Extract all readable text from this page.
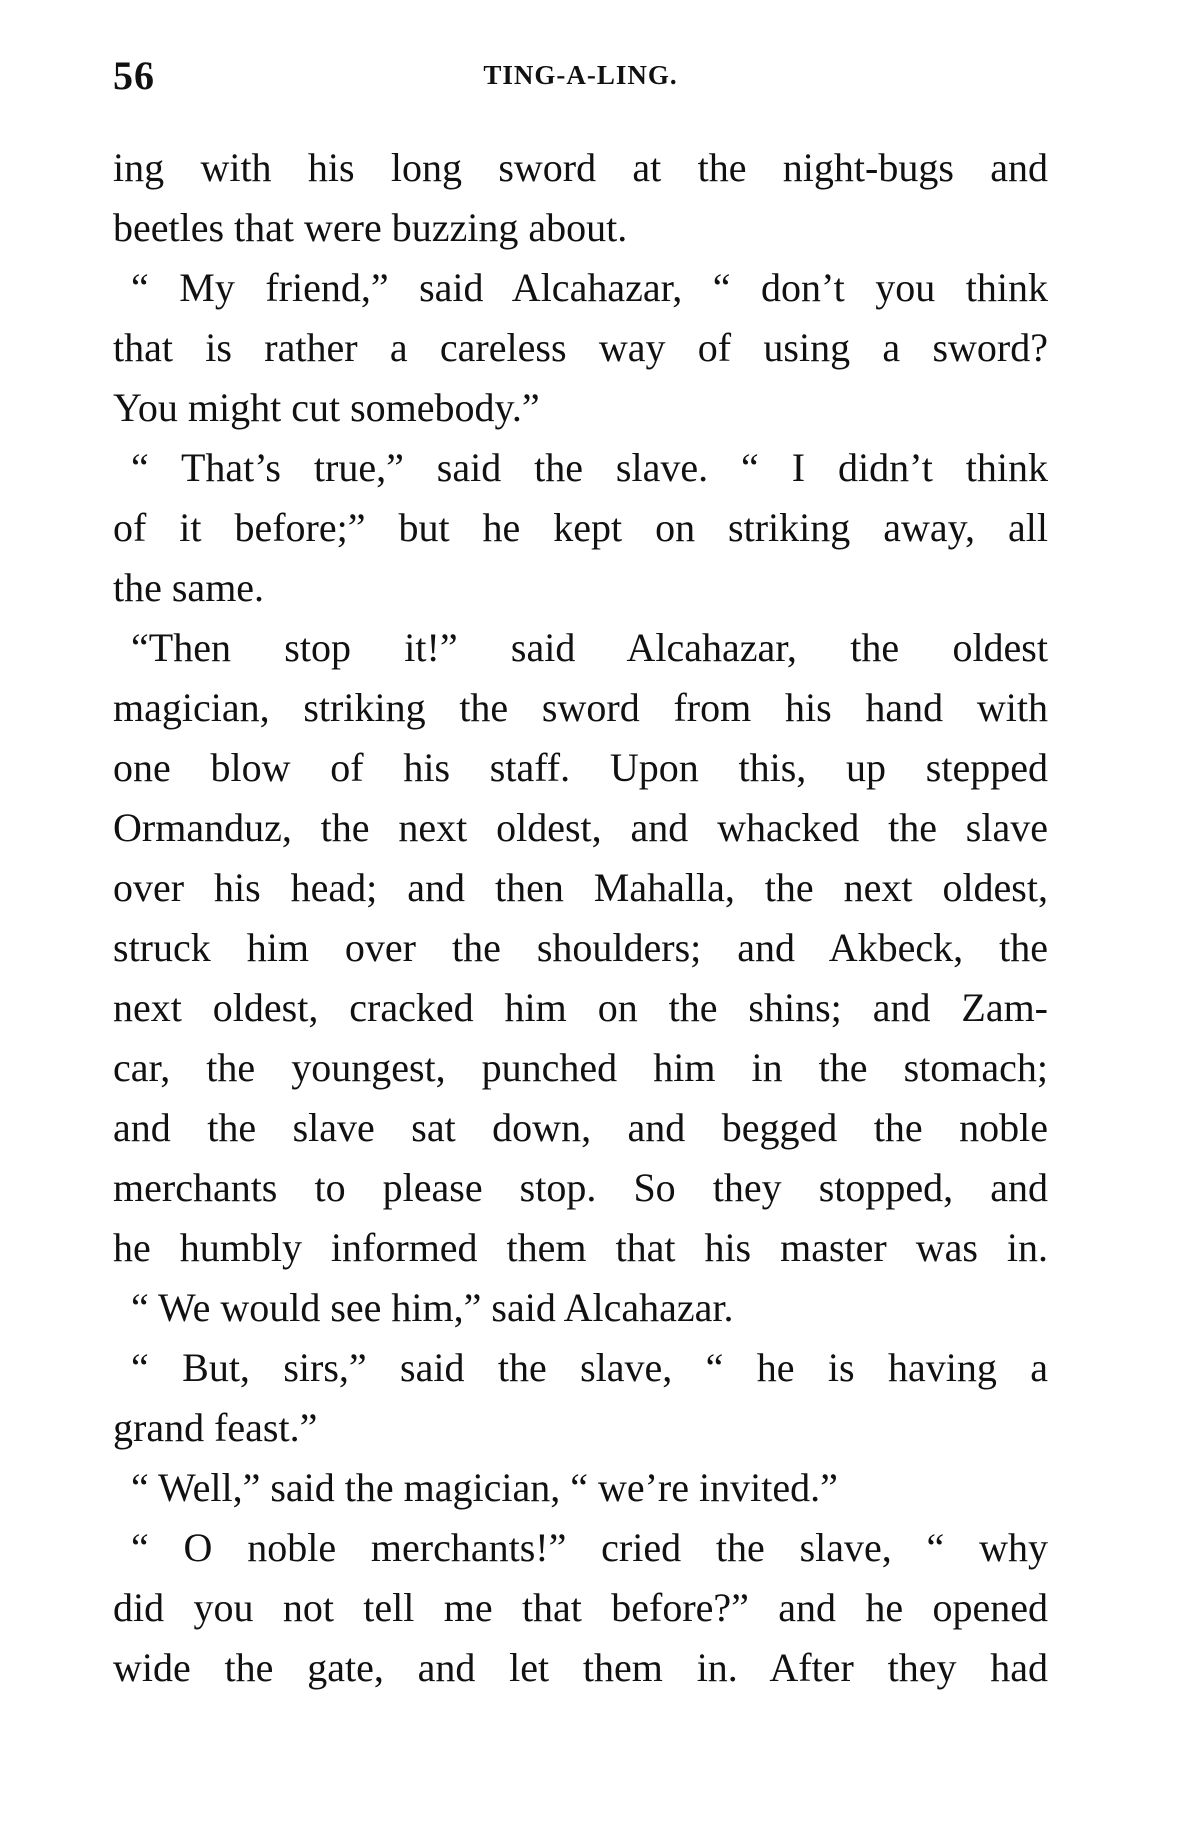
56	TING-A-LING.
ing with his long sword at the night-bugs and
beetles that were buzzing about.
“ My friend,” said Alcahazar, “ don’t you think
that is rather a careless way of using a sword?
You might cut somebody.”
“ That’s true,” said the slave. “ I didn’t think
of it before;” but he kept on striking away, all
the same.
“Then stop it!” said Alcahazar, the oldest
magician, striking the sword from his hand with
one blow of his staff. Upon this, up stepped
Ormanduz, the next oldest, and whacked the slave
over his head; and then Mahalla, the next oldest,
struck him over the shoulders; and Akbeck, the
next oldest, cracked him on the shins; and Zam-
car, the youngest, punched him in the stomach;
and the slave sat down, and begged the noble
merchants to please stop. So they stopped, and
he humbly informed them that his master was in.
“ We would see him,” said Alcahazar.
“ But, sirs,” said the slave, “ he is having a
grand feast.”
“ Well,” said the magician, “ we’re invited.”
“ O noble merchants!” cried the slave, “ why
did you not tell me that before?” and he opened
wide the gate, and let them in. After they had
